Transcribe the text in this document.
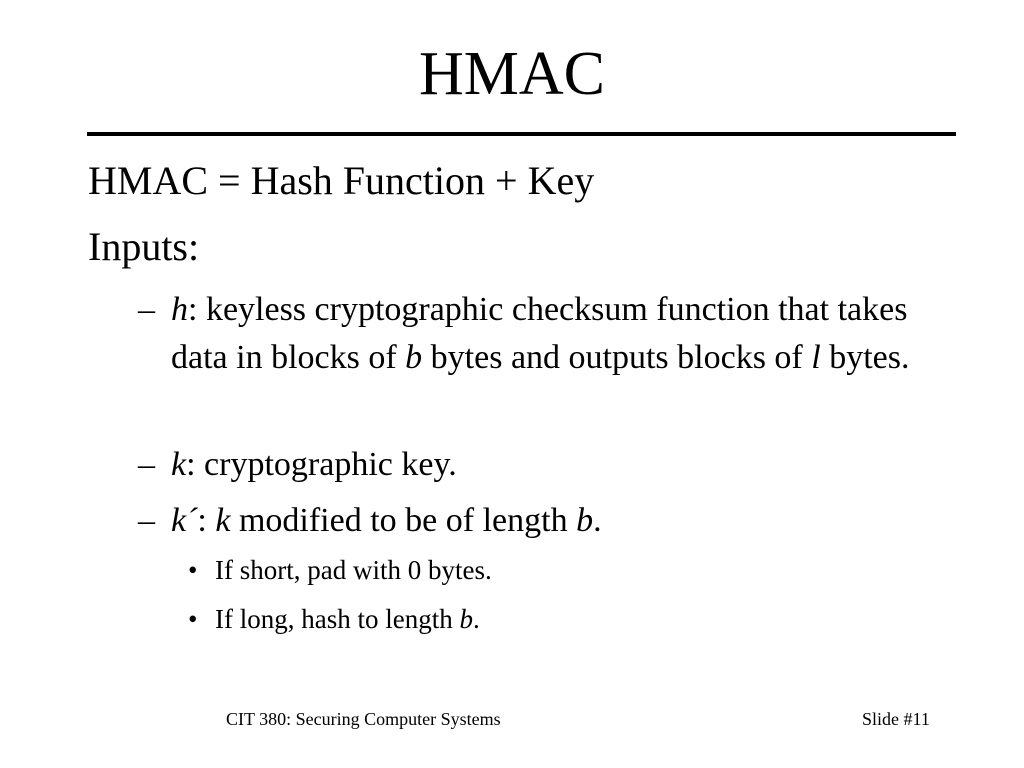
HMAC
HMAC = Hash Function + Key
Inputs:
– h: keyless cryptographic checksum function that takes data in blocks of b bytes and outputs blocks of l bytes.
– k: cryptographic key.
– k´: k modified to be of length b.
• If short, pad with 0 bytes.
• If long, hash to length b.
CIT 380: Securing Computer Systems	Slide #11
